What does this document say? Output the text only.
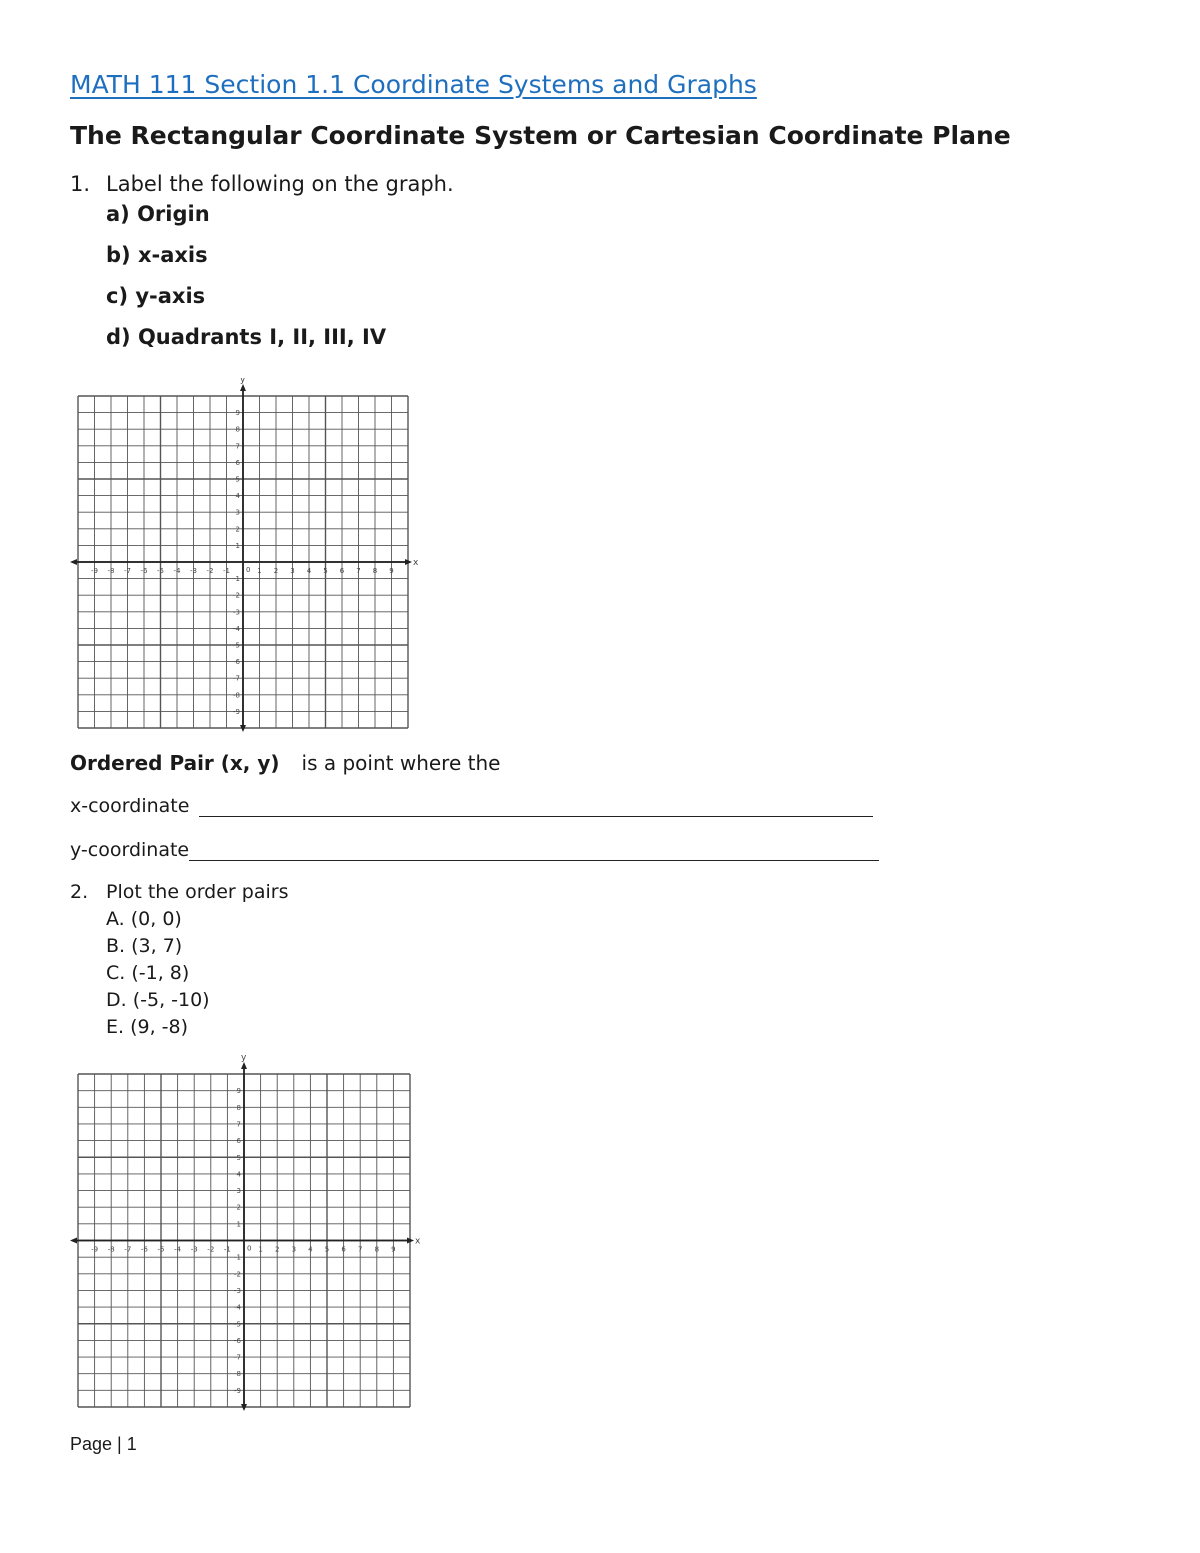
MATH 111 Section 1.1 Coordinate Systems and Graphs
The Rectangular Coordinate System or Cartesian Coordinate Plane
1. Label the following on the graph.
a) Origin
b) x-axis
c) y-axis
d) Quadrants I, II, III, IV
x
y
0
-9 -8 -7 -6 -5 -4 -3 -2 -1	1 2 3 4 5 6 7 8 9
1
2
3
4
5
6
7
8
9
-1
-2
-3
-4
-5
-6
-7
-8
-9
Ordered Pair (x, y) is a point where the
x-coordinate
y-coordinate
2. Plot the order pairs
A. (0, 0)
B. (3, 7)
C. (-1, 8)
D. (-5, -10)
E. (9, -8)
x
y
0
-9 -8 -7 -6 -5 -4 -3 -2 -1	1 2 3 4 5 6 7 8 9
1
2
3
4
5
6
7
8
9
-1
-2
-3
-4
-5
-6
-7
-8
-9
Page | 1
